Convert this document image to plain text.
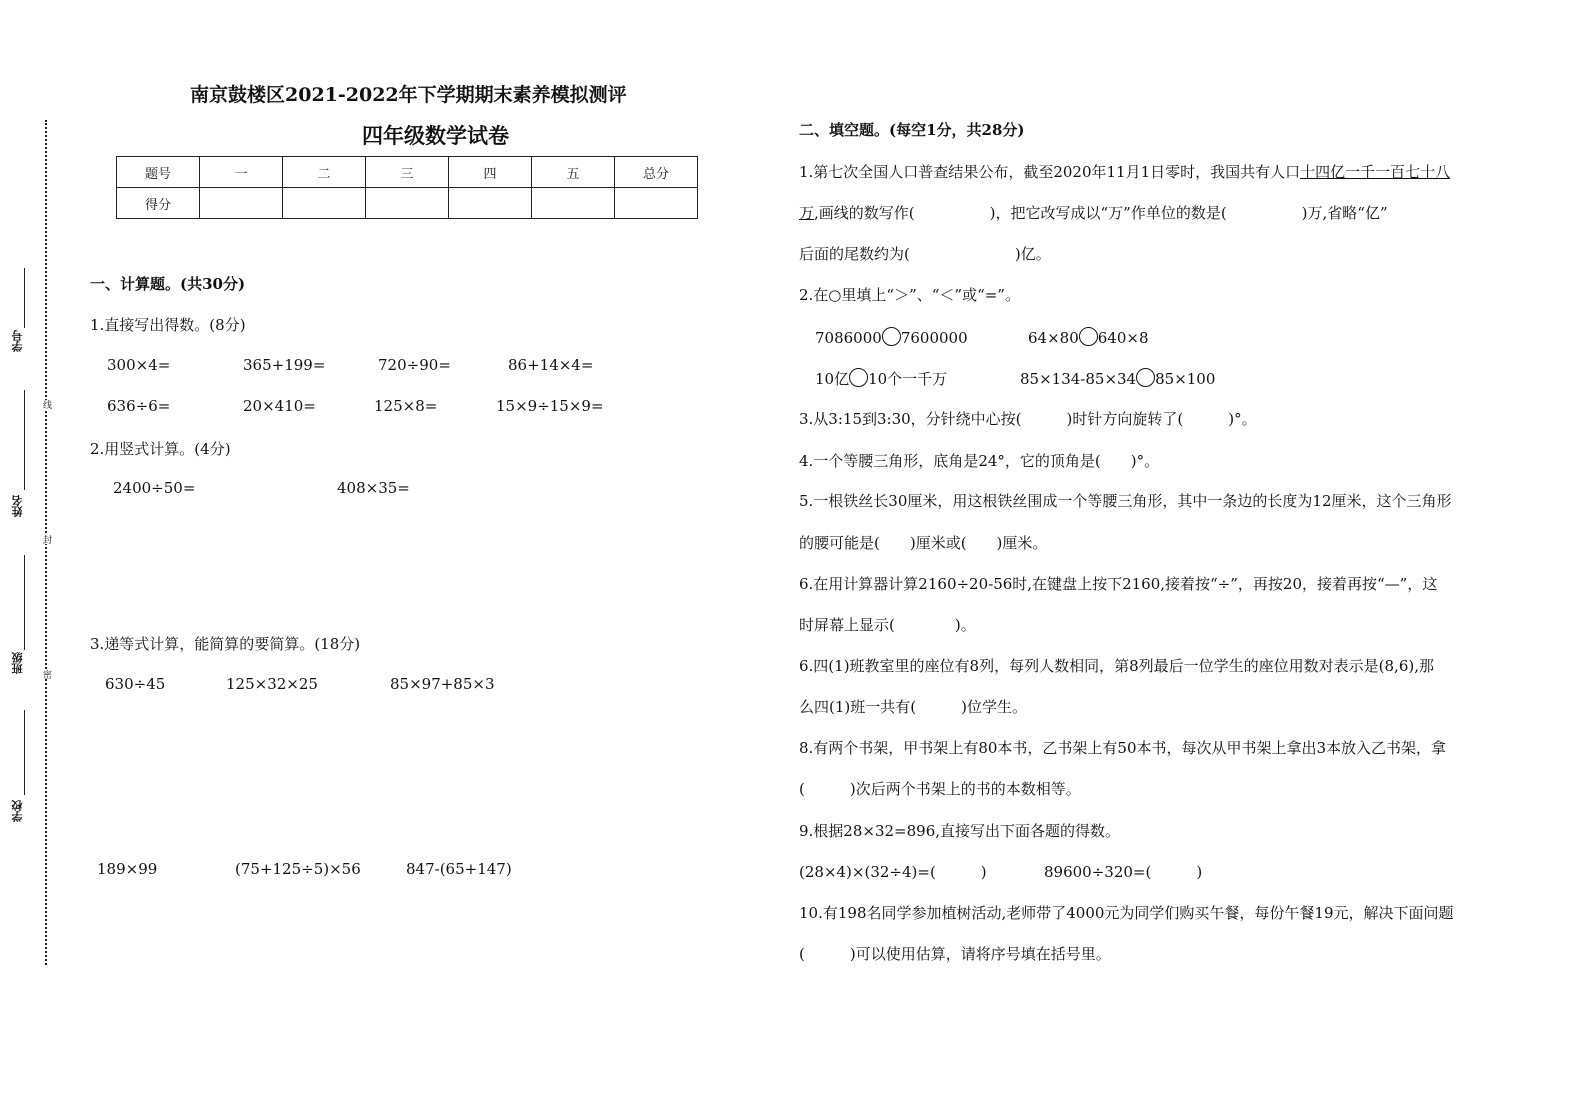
学号
姓名
班级
学校
线
封
密
南京鼓楼区2021-2022年下学期期末素养模拟测评
四年级数学试卷
题号	一	二	三	四	五	总分
得分						
一、计算题。(共30分)
1.直接写出得数。(8分)
300×4=	365+199=	720÷90=	86+14×4=
636÷6=	20×410=	125×8=	15×9÷15×9=
2.用竖式计算。(4分)
2400÷50=	408×35=
3.递等式计算，能简算的要简算。(18分)
630÷45	125×32×25	85×97+85×3
189×99	(75+125÷5)×56	847-(65+147)
二、填空题。(每空1分，共28分)
1.第七次全国人口普查结果公布，截至2020年11月1日零时，我国共有人口十四亿一千一百七十八
万,画线的数写作(　　　　　)，把它改写成以“万”作单位的数是(　　　　　)万,省略“亿”
后面的尾数约为(　　　　　　　)亿。
2.在○里填上“＞”、“＜”或“=”。
7086000 7600000	64×80 640×8
10亿 10个一千万	85×134-85×34 85×100
3.从3:15到3:30，分针绕中心按(　　　)时针方向旋转了(　　　)°。
4.一个等腰三角形，底角是24°，它的顶角是(　　)°。
5.一根铁丝长30厘米，用这根铁丝围成一个等腰三角形，其中一条边的长度为12厘米，这个三角形
的腰可能是(　　)厘米或(　　)厘米。
6.在用计算器计算2160÷20-56时,在键盘上按下2160,接着按“÷”，再按20，接着再按“—”，这
时屏幕上显示(　　　　)。
6.四(1)班教室里的座位有8列，每列人数相同，第8列最后一位学生的座位用数对表示是(8,6),那
么四(1)班一共有(　　　)位学生。
8.有两个书架，甲书架上有80本书，乙书架上有50本书，每次从甲书架上拿出3本放入乙书架，拿
(　　　)次后两个书架上的书的本数相等。
9.根据28×32=896,直接写出下面各题的得数。
(28×4)×(32÷4)=(　　　)	89600÷320=(　　　)
10.有198名同学参加植树活动,老师带了4000元为同学们购买午餐，每份午餐19元，解决下面问题
(　　　)可以使用估算，请将序号填在括号里。
